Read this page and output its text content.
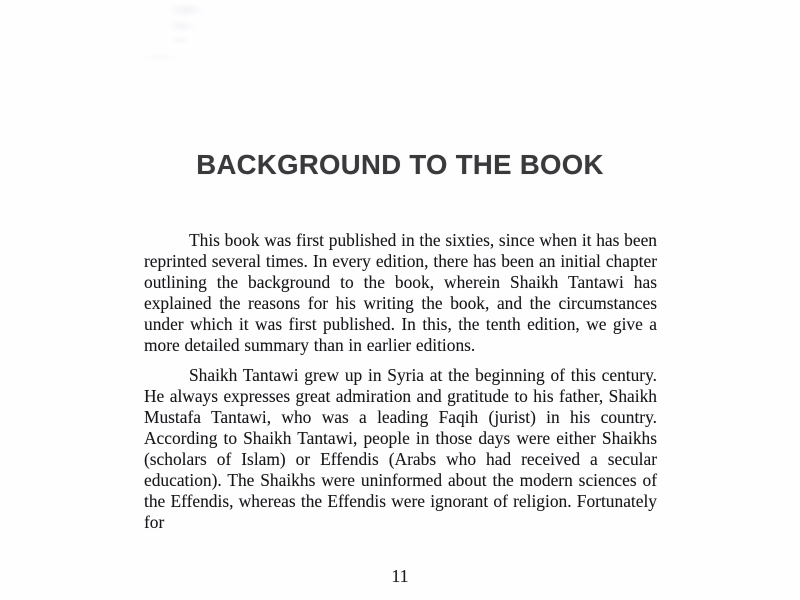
BACKGROUND TO THE BOOK

This book was first published in the sixties, since when it has been reprinted several times. In every edition, there has been an initial chapter outlining the background to the book, wherein Shaikh Tantawi has explained the reasons for his writing the book, and the circumstances under which it was first published. In this, the tenth edition, we give a more detailed summary than in earlier editions.

Shaikh Tantawi grew up in Syria at the beginning of this century. He always expresses great admiration and gratitude to his father, Shaikh Mustafa Tantawi, who was a leading Faqih (jurist) in his country. According to Shaikh Tantawi, people in those days were either Shaikhs (scholars of Islam) or Effendis (Arabs who had received a secular education). The Shaikhs were uninformed about the modern sciences of the Effendis, whereas the Effendis were ignorant of religion. Fortunately for

11
